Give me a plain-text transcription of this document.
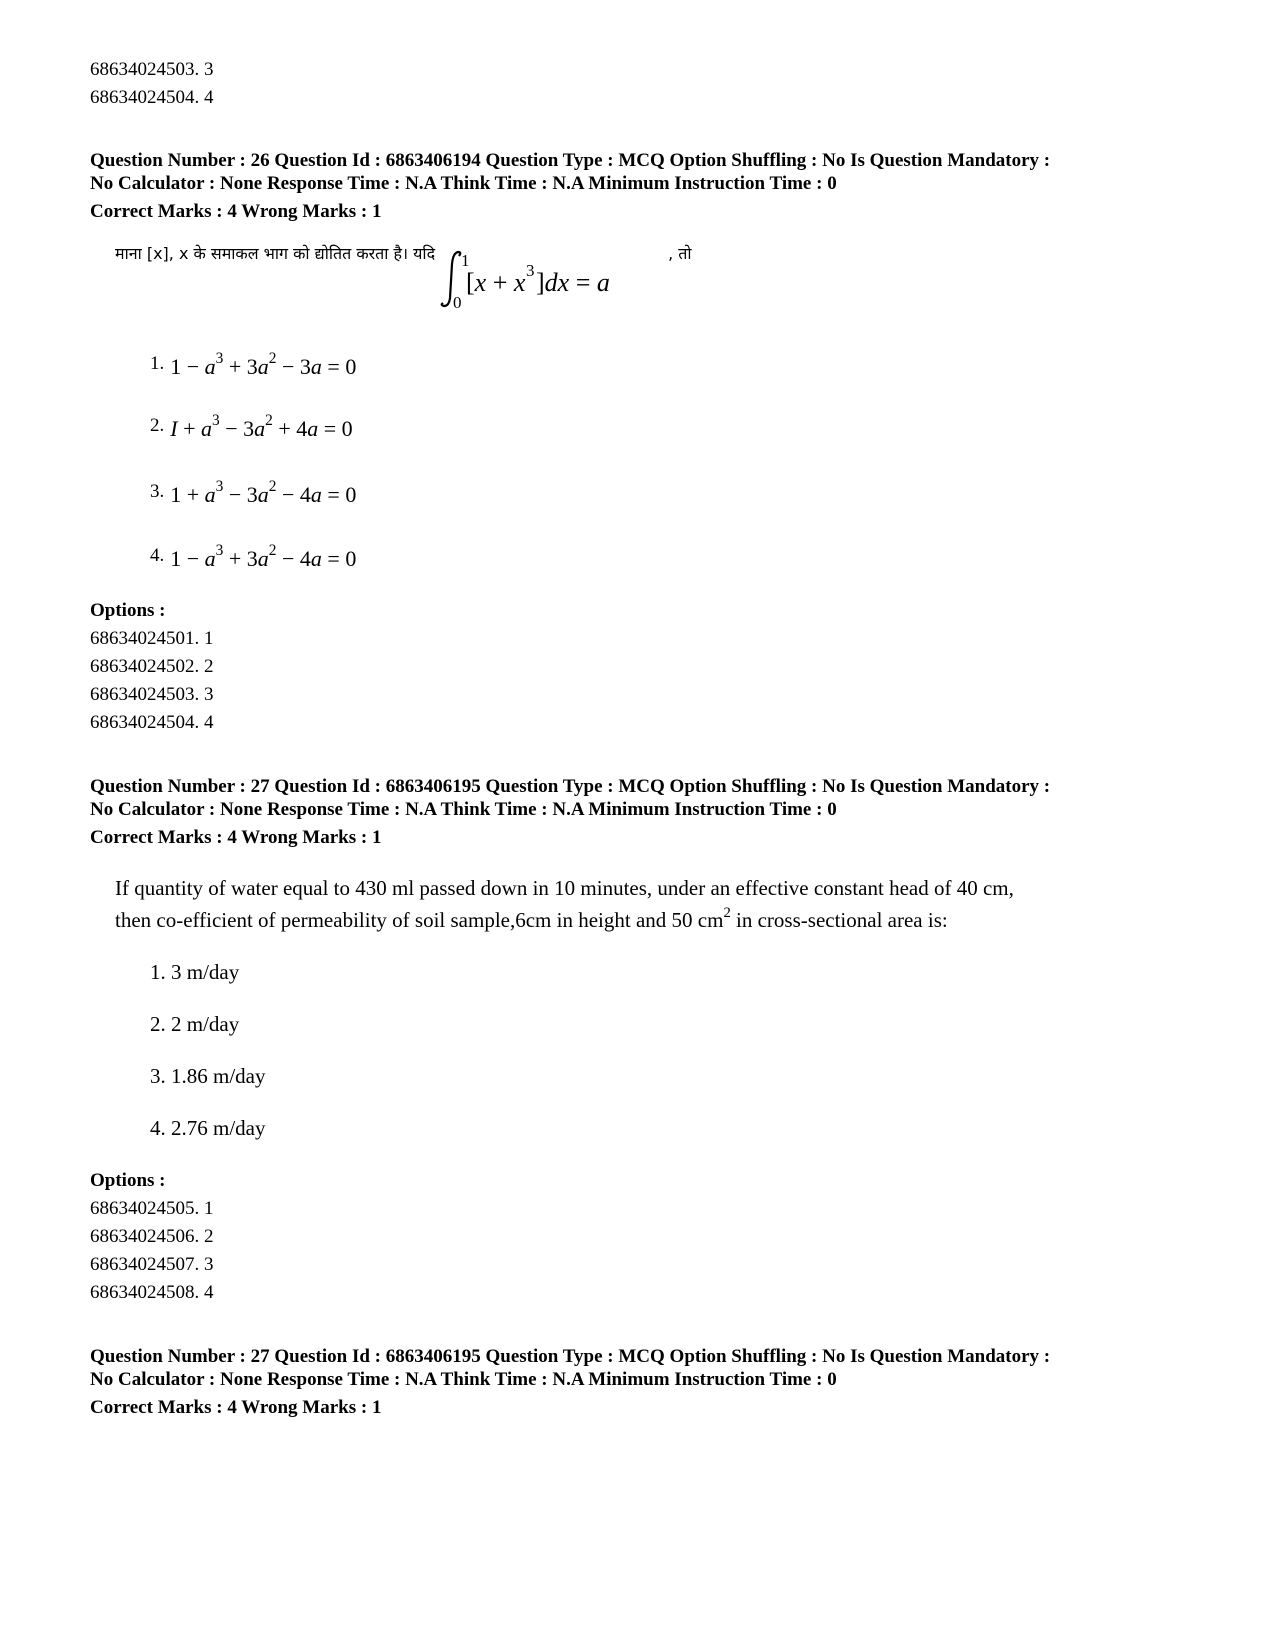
68634024503. 3
68634024504. 4
Question Number : 26 Question Id : 6863406194 Question Type : MCQ Option Shuffling : No Is Question Mandatory :
No Calculator : None Response Time : N.A Think Time : N.A Minimum Instruction Time : 0
Correct Marks : 4 Wrong Marks : 1
माना [x], x के समाकल भाग को द्योतित करता है। यदि 1
0
[x + x 3 ]dx = a
, तो
1. $1 - a^3 + 3a^2 - 3a = 0$
2. $I + a^3 - 3a^2 + 4a = 0$
3. $1 + a^3 - 3a^2 - 4a = 0$
4. $1 - a^3 + 3a^2 - 4a = 0$
Options :
68634024501. 1
68634024502. 2
68634024503. 3
68634024504. 4
Question Number : 27 Question Id : 6863406195 Question Type : MCQ Option Shuffling : No Is Question Mandatory :
No Calculator : None Response Time : N.A Think Time : N.A Minimum Instruction Time : 0
Correct Marks : 4 Wrong Marks : 1
If quantity of water equal to 430 ml passed down in 10 minutes, under an effective constant head of 40 cm,
then co-efficient of permeability of soil sample,6cm in height and 50 $cm^2$ in cross-sectional area is:
1. 3 m/day
2. 2 m/day
3. 1.86 m/day
4. 2.76 m/day
Options :
68634024505. 1
68634024506. 2
68634024507. 3
68634024508. 4
Question Number : 27 Question Id : 6863406195 Question Type : MCQ Option Shuffling : No Is Question Mandatory :
No Calculator : None Response Time : N.A Think Time : N.A Minimum Instruction Time : 0
Correct Marks : 4 Wrong Marks : 1
